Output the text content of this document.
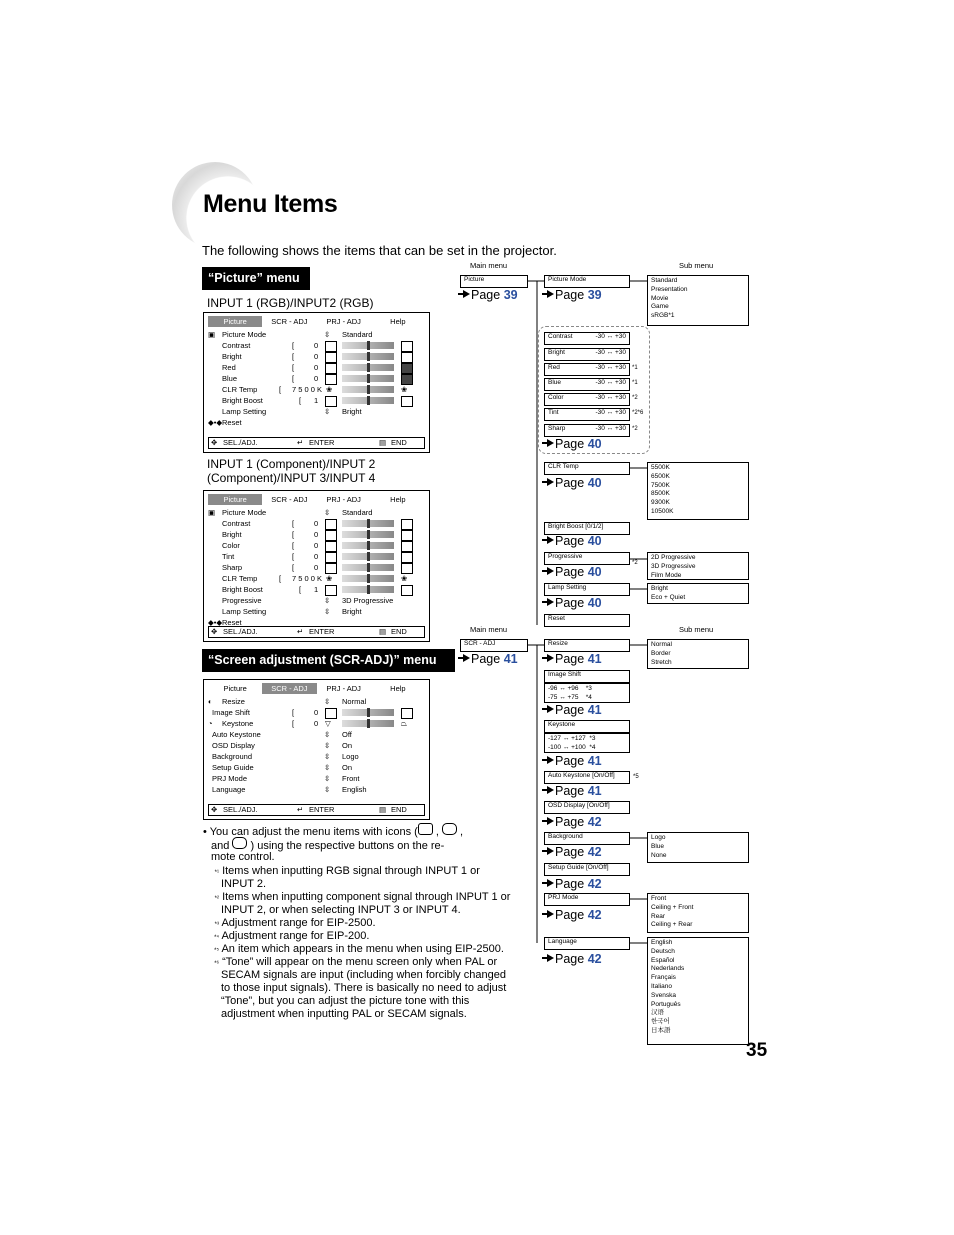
Menu Items
The following shows the items that can be set in the projector.
“Picture” menu
INPUT 1 (RGB)/INPUT2 (RGB)
Picture	SCR - ADJ	PRJ - ADJ	Help
▣ Picture Mode	⇳ Standard
Contrast	[	0
Bright	[	0
Red	[	0
Blue	[	0
CLR Temp	[ 7 5 0 0 K ❀	❀
Bright Boost	[ 1
Lamp Setting	⇳ Bright
◆•◆ Reset
✥ SEL./ADJ.	↵ ENTER	▤ END
INPUT 1 (Component)/INPUT 2
(Component)/INPUT 3/INPUT 4
Picture	SCR - ADJ	PRJ - ADJ	Help
▣ Picture Mode	⇳ Standard
Contrast	[	0
Bright	[	0
Color	[	0
Tint	[	0
Sharp	[	0
CLR Temp	[ 7 5 0 0 K ❀	❀
Bright Boost	[ 1
Progressive	⇳ 3D Progressive
Lamp Setting	⇳ Bright
◆•◆ Reset
✥ SEL./ADJ.	↵ ENTER	▤ END
“Screen adjustment (SCR-ADJ)” menu
Picture	SCR - ADJ	PRJ - ADJ	Help
◐ Resize	⇳ Normal
Image Shift	[	0
◔ Keystone	[	0 ▽	⏢
Auto Keystone	⇳ Off
OSD Display	⇳ On
Background	⇳ Logo
Setup Guide	⇳ On
PRJ Mode	⇳ Front
Language	⇳ English
✥ SEL./ADJ.	↵ ENTER	▤ END
• You can adjust the menu items with icons ( ,  ,
and ) using the respective buttons on the re-
mote control.
*¹ Items when inputting RGB signal through INPUT 1 or
INPUT 2.
*² Items when inputting component signal through INPUT 1 or
INPUT 2, or when selecting INPUT 3 or INPUT 4.
*³ Adjustment range for EIP-2500.
*⁴ Adjustment range for EIP-200.
*⁵ An item which appears in the menu when using EIP-2500.
*⁶ “Tone” will appear on the menu screen only when PAL or
SECAM signals are input (including when forcibly changed
to those input signals). There is basically no need to adjust
“Tone”, but you can adjust the picture tone with this
adjustment when inputting PAL or SECAM signals.
Main menu	Sub menu
Picture
Page 39
Picture Mode
Page 39
Standard
Presentation
Movie
Game
sRGB*1
Contrast	-30 ↔ +30
Bright	-30 ↔ +30
Red	-30 ↔ +30 *1
Blue	-30 ↔ +30 *1
Color	-30 ↔ +30 *2
Tint	-30 ↔ +30 *2*6
Sharp	-30 ↔ +30 *2
Page 40
CLR Temp
Page 40
5500K
6500K
7500K
8500K
9300K
10500K
Bright Boost [0/1/2]
Page 40
Progressive
*2
Page 40
2D Progressive
3D Progressive
Film Mode
Lamp Setting
Page 40
Bright
Eco + Quiet
Reset
Main menu	Sub menu
SCR - ADJ
Page 41
Resize
Page 41
Normal
Border
Stretch
Image Shift
-96 ↔ +96 *3
-75 ↔ +75 *4
Page 41
Keystone
-127 ↔ +127 *3
-100 ↔ +100 *4
Page 41
Auto Keystone [On/Off]	*5
Page 41
OSD Display [On/Off]
Page 42
Background
Page 42
Logo
Blue
None
Setup Guide [On/Off]
Page 42
PRJ Mode
Page 42
Front
Ceiling + Front
Rear
Ceiling + Rear
Language
Page 42
English
Deutsch
Español
Nederlands
Français
Italiano
Svenska
Português
汉语
한국어
日本語
35
